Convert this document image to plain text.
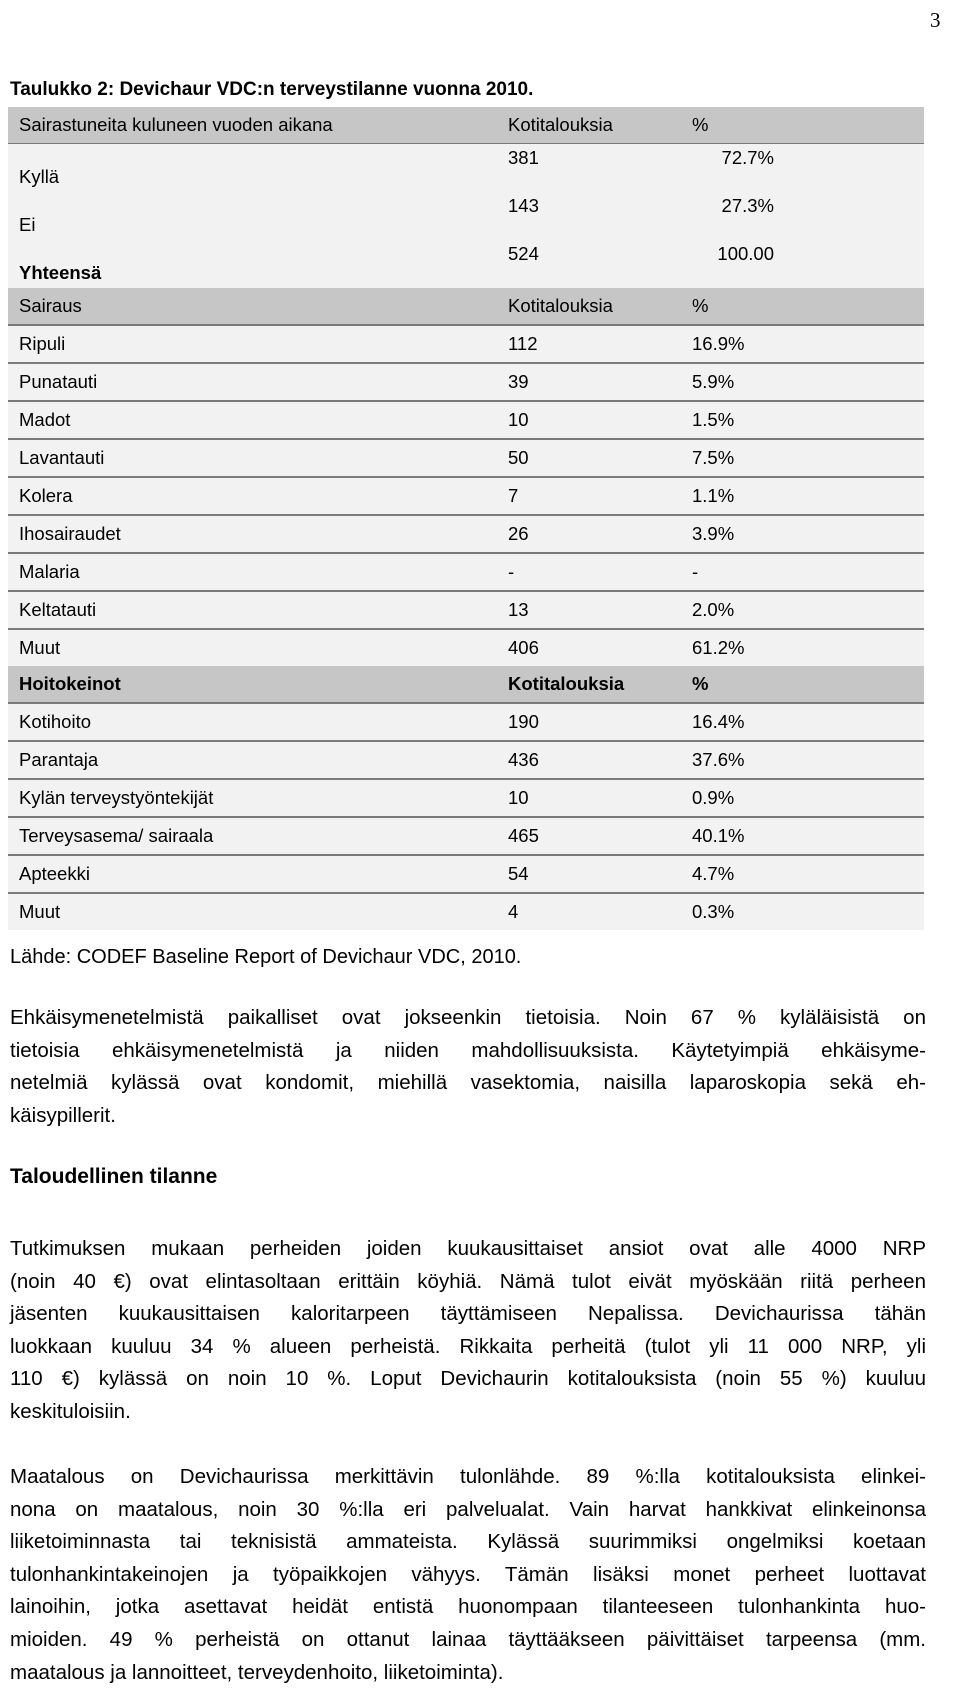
3
Taulukko 2: Devichaur VDC:n terveystilanne vuonna 2010.
Sairastuneita kuluneen vuoden aikana	Kotitalouksia	%

Kyllä	381	72.7%
Ei	143	27.3%
Yhteensä	524	100.00
Sairaus	Kotitalouksia	%

Ripuli	112	16.9%

Punatauti	39	5.9%

Madot	10	1.5%

Lavantauti	50	7.5%

Kolera	7	1.1%

Ihosairaudet	26	3.9%

Malaria	-	-

Keltatauti	13	2.0%

Muut	406	61.2%
Hoitokeinot	Kotitalouksia	%

Kotihoito	190	16.4%

Parantaja	436	37.6%

Kylän terveystyöntekijät	10	0.9%

Terveysasema/ sairaala	465	40.1%

Apteekki	54	4.7%

Muut	4	0.3%
Lähde: CODEF Baseline Report of Devichaur VDC, 2010.
Ehkäisymenetelmistä paikalliset ovat jokseenkin tietoisia. Noin 67 % kyläläisistä on
tietoisia ehkäisymenetelmistä ja niiden mahdollisuuksista. Käytetyimpiä ehkäisyme-
netelmiä kylässä ovat kondomit, miehillä vasektomia, naisilla laparoskopia sekä eh-
käisypillerit.
Taloudellinen tilanne
Tutkimuksen mukaan perheiden joiden kuukausittaiset ansiot ovat alle 4000 NRP
(noin 40 €) ovat elintasoltaan erittäin köyhiä. Nämä tulot eivät myöskään riitä perheen
jäsenten kuukausittaisen kaloritarpeen täyttämiseen Nepalissa. Devichaurissa tähän
luokkaan kuuluu 34 % alueen perheistä. Rikkaita perheitä (tulot yli 11 000 NRP, yli
110 €) kylässä on noin 10 %. Loput Devichaurin kotitalouksista (noin 55 %) kuuluu
keskituloisiin.
Maatalous on Devichaurissa merkittävin tulonlähde. 89 %:lla kotitalouksista elinkei-
nona on maatalous, noin 30 %:lla eri palvelualat. Vain harvat hankkivat elinkeinonsa
liiketoiminnasta tai teknisistä ammateista. Kylässä suurimmiksi ongelmiksi koetaan
tulonhankintakeinojen ja työpaikkojen vähyys. Tämän lisäksi monet perheet luottavat
lainoihin, jotka asettavat heidät entistä huonompaan tilanteeseen tulonhankinta huo-
mioiden. 49 % perheistä on ottanut lainaa täyttääkseen päivittäiset tarpeensa (mm.
maatalous ja lannoitteet, terveydenhoito, liiketoiminta).
